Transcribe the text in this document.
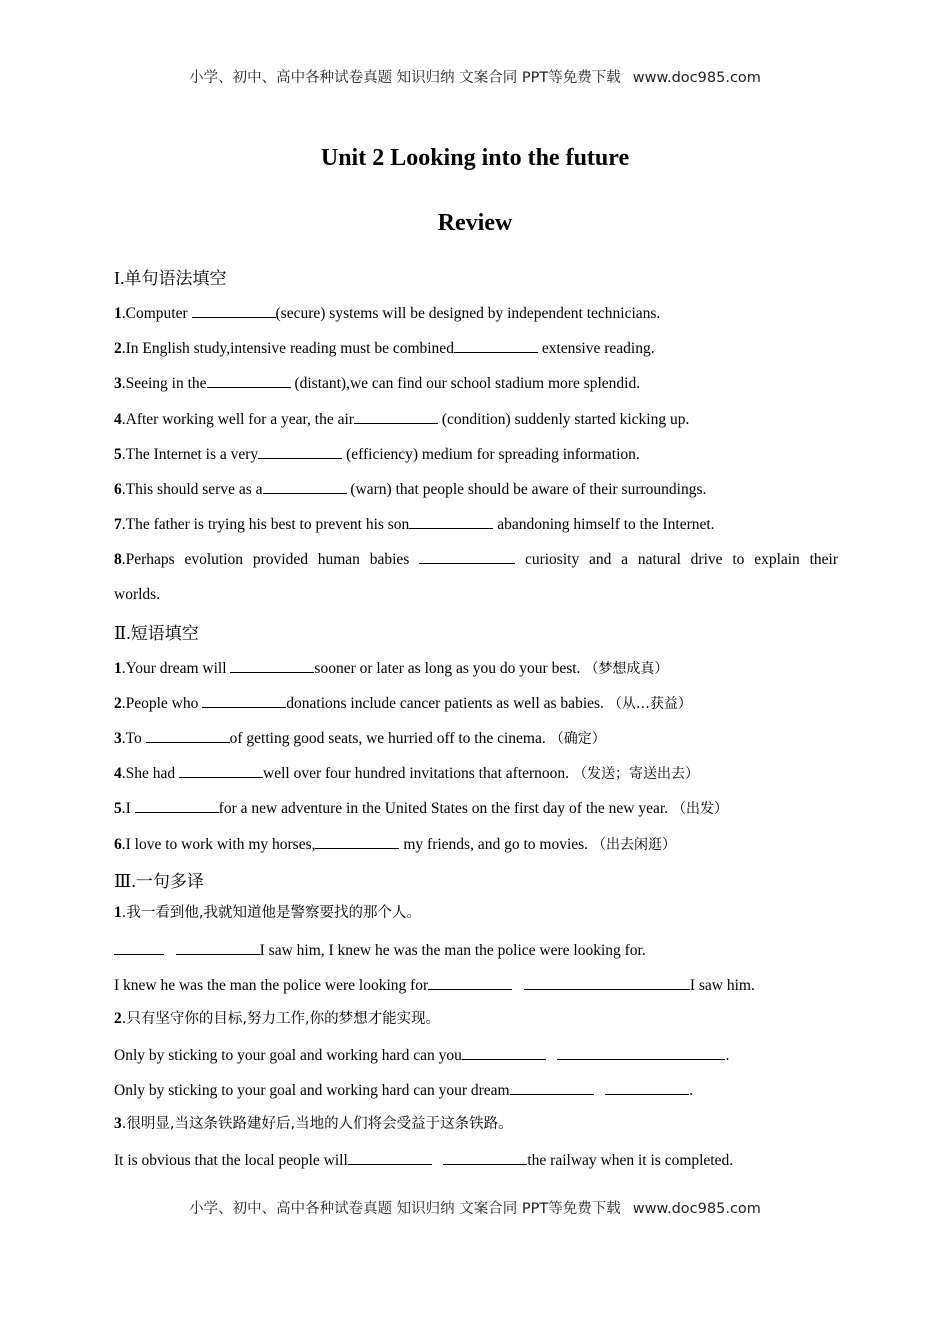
小学、初中、高中各种试卷真题 知识归纳 文案合同 PPT等免费下载 www.doc985.com
Unit 2 Looking into the future
Review
I.单句语法填空
1.Computer	(secure) systems will be designed by independent technicians.
2.In English study,intensive reading must be combined	extensive reading.
3.Seeing in the	(distant),we can find our school stadium more splendid.
4.After working well for a year, the air	(condition) suddenly started kicking up.
5.The Internet is a very	(efficiency) medium for spreading information.
6.This should serve as a	(warn) that people should be aware of their surroundings.
7.The father is trying his best to prevent his son	abandoning himself to the Internet.
8.Perhaps evolution provided human babies	curiosity and a natural drive to explain their
worlds.
Ⅱ.短语填空
1.Your dream will	sooner or later as long as you do your best. （梦想成真）
2.People who	donations include cancer patients as well as babies. （从…获益）
3.To	of getting good seats, we hurried off to the cinema. （确定）
4.She had	well over four hundred invitations that afternoon. （发送；寄送出去）
5.I	for a new adventure in the United States on the first day of the new year. （出发）
6.I love to work with my horses,	my friends, and go to movies. （出去闲逛）
Ⅲ.一句多译
1.我一看到他,我就知道他是警察要找的那个人。
I saw him, I knew he was the man the police were looking for.
I knew he was the man the police were looking for	I saw him.
2.只有坚守你的目标,努力工作,你的梦想才能实现。
Only by sticking to your goal and working hard can you	.
Only by sticking to your goal and working hard can your dream	.
3.很明显,当这条铁路建好后,当地的人们将会受益于这条铁路。
It is obvious that the local people will	the railway when it is completed.
小学、初中、高中各种试卷真题 知识归纳 文案合同 PPT等免费下载 www.doc985.com
